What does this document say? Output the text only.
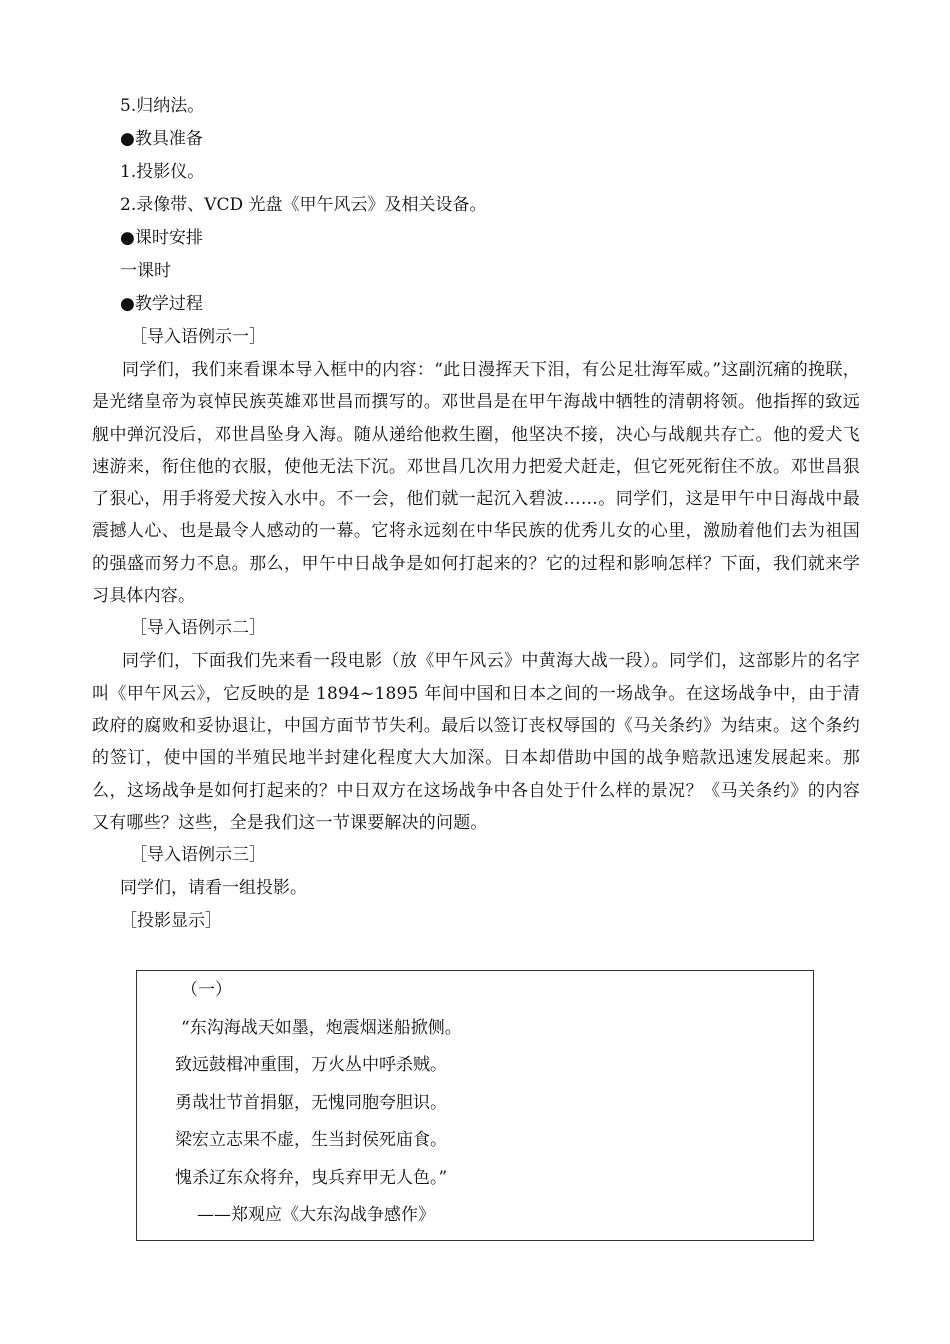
5.归纳法。
●教具准备
1.投影仪。
2.录像带、VCD 光盘《甲午风云》及相关设备。
●课时安排
一课时
●教学过程
［导入语例示一］

同学们，我们来看课本导入框中的内容：“此日漫挥天下泪，有公足壮海军威。”这副沉痛的挽联，是光绪皇帝为哀悼民族英雄邓世昌而撰写的。邓世昌是在甲午海战中牺牲的清朝将领。他指挥的致远舰中弹沉没后，邓世昌坠身入海。随从递给他救生圈，他坚决不接，决心与战舰共存亡。他的爱犬飞速游来，衔住他的衣服，使他无法下沉。邓世昌几次用力把爱犬赶走，但它死死衔住不放。邓世昌狠了狠心，用手将爱犬按入水中。不一会，他们就一起沉入碧波……。同学们，这是甲午中日海战中最震撼人心、也是最令人感动的一幕。它将永远刻在中华民族的优秀儿女的心里，激励着他们去为祖国的强盛而努力不息。那么，甲午中日战争是如何打起来的？它的过程和影响怎样？下面，我们就来学习具体内容。

［导入语例示二］

同学们，下面我们先来看一段电影（放《甲午风云》中黄海大战一段）。同学们，这部影片的名字叫《甲午风云》，它反映的是 1894~1895 年间中国和日本之间的一场战争。在这场战争中，由于清政府的腐败和妥协退让，中国方面节节失利。最后以签订丧权辱国的《马关条约》为结束。这个条约的签订，使中国的半殖民地半封建化程度大大加深。日本却借助中国的战争赔款迅速发展起来。那么，这场战争是如何打起来的？中日双方在这场战争中各自处于什么样的景况？《马关条约》的内容又有哪些？这些，全是我们这一节课要解决的问题。

［导入语例示三］
同学们，请看一组投影。
［投影显示］
（一）
“东沟海战天如墨，炮震烟迷船掀侧。
致远鼓楫冲重围，万火丛中呼杀贼。
勇哉壮节首捐躯，无愧同胞夸胆识。
梁宏立志果不虚，生当封侯死庙食。
愧杀辽东众将弁，曳兵弃甲无人色。”
——郑观应《大东沟战争感作》
